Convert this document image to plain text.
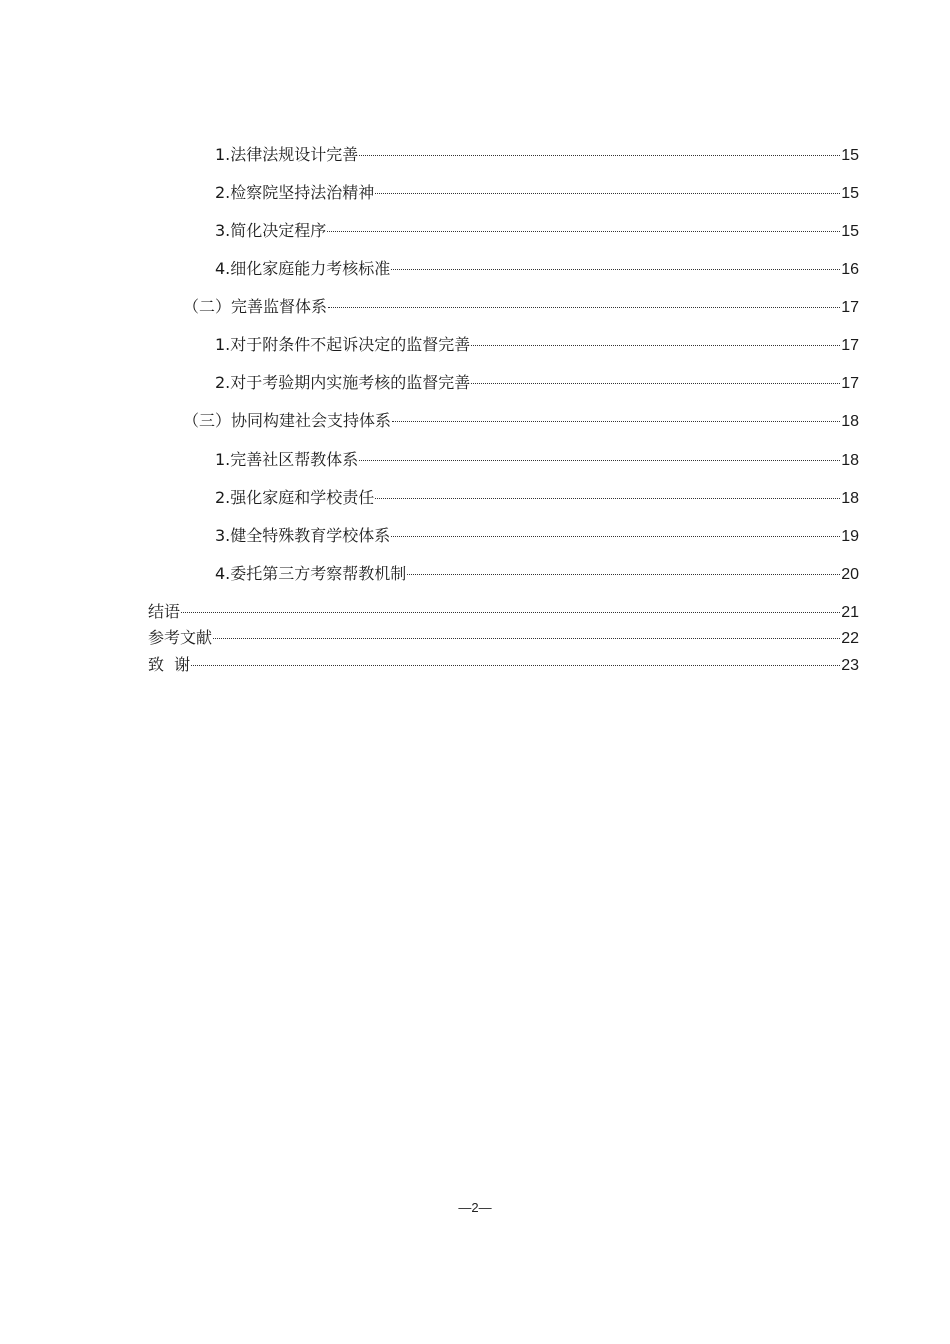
1.法律法规设计完善	15
2.检察院坚持法治精神	15
3.简化决定程序	15
4.细化家庭能力考核标准	16
（二）完善监督体系	17
1.对于附条件不起诉决定的监督完善	17
2.对于考验期内实施考核的监督完善	17
（三）协同构建社会支持体系	18
1.完善社区帮教体系	18
2.强化家庭和学校责任	18
3.健全特殊教育学校体系	19
4.委托第三方考察帮教机制	20
结语	21
参考文献	22
致  谢	23
—2—
